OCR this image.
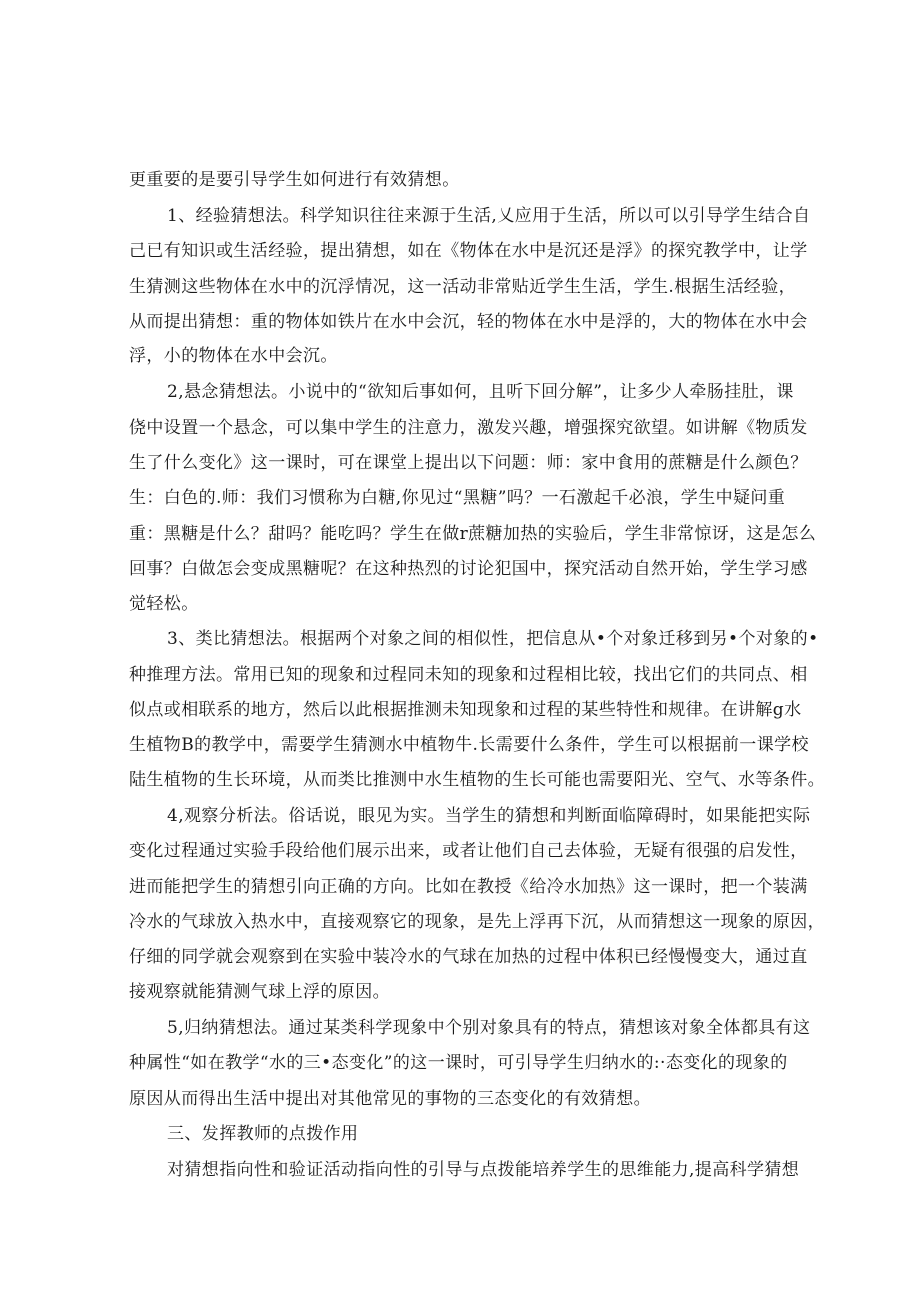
更重要的是要引导学生如何进行有效猜想。
1、经验猜想法。科学知识往往来源于生活,乂应用于生活，所以可以引导学生结合自
己已有知识或生活经验，提出猜想，如在《物体在水中是沉还是浮》的探究教学中，让学
生猜测这些物体在水中的沉浮情况，这一活动非常贴近学生生活，学生.根据生活经验，
从而提出猜想：重的物体如铁片在水中会沉，轻的物体在水中是浮的，大的物体在水中会
浮，小的物体在水中会沉。
2,悬念猜想法。小说中的“欲知后事如何，且听下回分解”，让多少人牵肠挂肚，课
侥中设置一个悬念，可以集中学生的注意力，激发兴趣，增强探究欲望。如讲解《物质发
生了什么变化》这一课时，可在课堂上提出以下问题：师：家中食用的蔗糖是什么颜色？
生：白色的.师：我们习惯称为白糖,你见过“黑糖”吗？一石激起千必浪，学生中疑问重
重：黑糖是什么？甜吗？能吃吗？学生在做r蔗糖加热的实验后，学生非常惊讶，这是怎么
回事？白做怎会变成黑糖呢？在这种热烈的讨论犯国中，探究活动自然开始，学生学习感
觉轻松。
3、类比猜想法。根据两个对象之间的相似性，把信息从•个对象迁移到另•个对象的•
种推理方法。常用已知的现象和过程同未知的现象和过程相比较，找出它们的共同点、相
似点或相联系的地方，然后以此根据推测未知现象和过程的某些特性和规律。在讲解g水
生植物B的教学中，需要学生猜测水中植物牛.长需要什么条件，学生可以根据前一课学校
陆生植物的生长环境，从而类比推测中水生植物的生长可能也需要阳光、空气、水等条件。
4,观察分析法。俗话说，眼见为实。当学生的猜想和判断面临障碍时，如果能把实际
变化过程通过实验手段给他们展示出来，或者让他们自己去体验，无疑有很强的启发性，
进而能把学生的猜想引向正确的方向。比如在教授《给冷水加热》这一课时，把一个装满
冷水的气球放入热水中，直接观察它的现象，是先上浮再下沉，从而猜想这一现象的原因，
仔细的同学就会观察到在实验中装冷水的气球在加热的过程中体积已经慢慢变大，通过直
接观察就能猜测气球上浮的原因。
5,归纳猜想法。通过某类科学现象中个别对象具有的特点，猜想该对象全体都具有这
种属性“如在教学“水的三•态变化”的这一课时，可引导学生归纳水的:·态变化的现象的
原因从而得出生活中提出对其他常见的事物的三态变化的有效猜想。
三、发挥教师的点拨作用
对猜想指向性和验证活动指向性的引导与点拨能培养学生的思维能力,提高科学猜想
